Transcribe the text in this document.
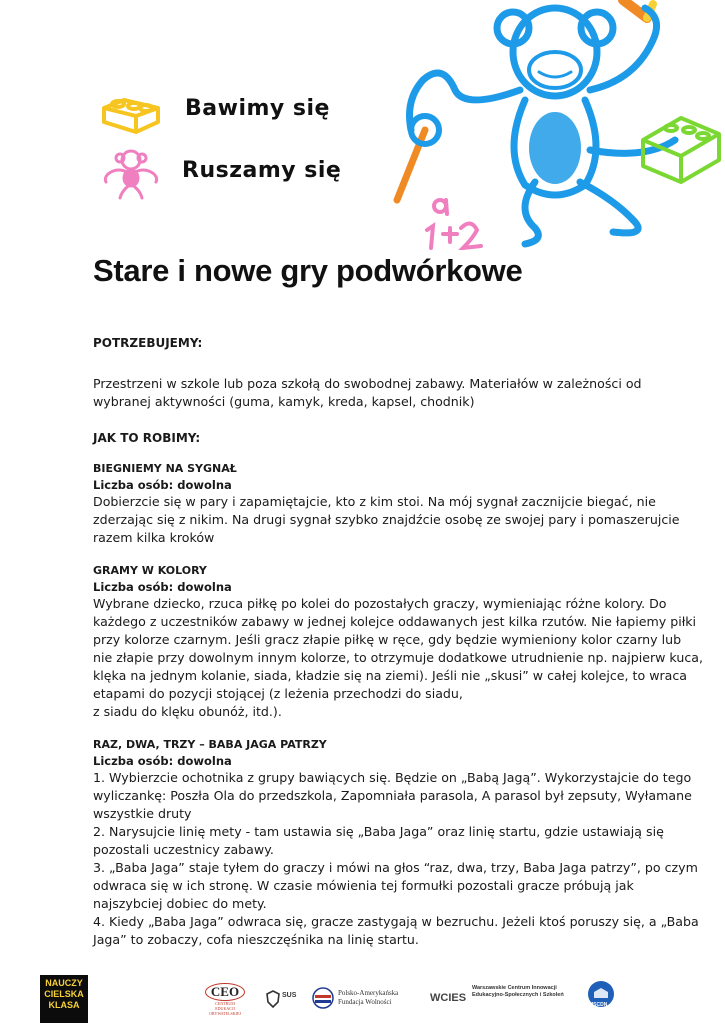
Bawimy się
Ruszamy się
Stare i nowe gry podwórkowe
POTRZEBUJEMY:
Przestrzeni w szkole lub poza szkołą do swobodnej zabawy. Materiałów w zależności od wybranej aktywności (guma, kamyk, kreda, kapsel, chodnik)
JAK TO ROBIMY:
BIEGNIEMY NA SYGNAŁ
Liczba osób: dowolna
Dobierzcie się w pary i zapamiętajcie, kto z kim stoi. Na mój sygnał zacznijcie biegać, nie zderzając się z nikim. Na drugi sygnał szybko znajdźcie osobę ze swojej pary i pomaszerujcie razem kilka kroków
GRAMY W KOLORY
Liczba osób: dowolna
Wybrane dziecko, rzuca piłkę po kolei do pozostałych graczy, wymieniając różne kolory. Do każdego z uczestników zabawy w jednej kolejce oddawanych jest kilka rzutów. Nie łapiemy piłki przy kolorze czarnym. Jeśli gracz złapie piłkę w ręce, gdy będzie wymieniony kolor czarny lub nie złapie przy dowolnym innym kolorze, to otrzymuje dodatkowe utrudnienie np. najpierw kuca, klęka na jednym kolanie, siada, kładzie się na ziemi). Jeśli nie „skusi” w całej kolejce, to wraca etapami do pozycji stojącej (z leżenia przechodzi do siadu,
z siadu do klęku obunóż, itd.).
RAZ, DWA, TRZY – BABA JAGA PATRZY
Liczba osób: dowolna
1. Wybierzcie ochotnika z grupy bawiących się. Będzie on „Babą Jagą”. Wykorzystajcie do tego wyliczankę: Poszła Ola do przedszkola, Zapomniała parasola, A parasol był zepsuty, Wyłamane wszystkie druty
2. Narysujcie linię mety - tam ustawia się „Baba Jaga” oraz linię startu, gdzie ustawiają się pozostali uczestnicy zabawy.
3. „Baba Jaga” staje tyłem do graczy i mówi na głos “raz, dwa, trzy, Baba Jaga patrzy”, po czym odwraca się w ich stronę. W czasie mówienia tej formułki pozostali gracze próbują jak najszybciej dobiec do mety.
4. Kiedy „Baba Jaga” odwraca się, gracze zastygają w bezruchu. Jeżeli ktoś poruszy się, a „Baba Jaga” to zobaczy, cofa nieszczęśnika na linię startu.
NAUCZY CIELSKA KLASA
CEO
CENTRUM EDUKACJI OBYWATELSKIEJ
SUS	Polsko-Amerykańska Fundacja Wolności	WCIES
Warszawskie Centrum Innowacji Edukacyjno-Społecznych i Szkoleń
MSCDN
